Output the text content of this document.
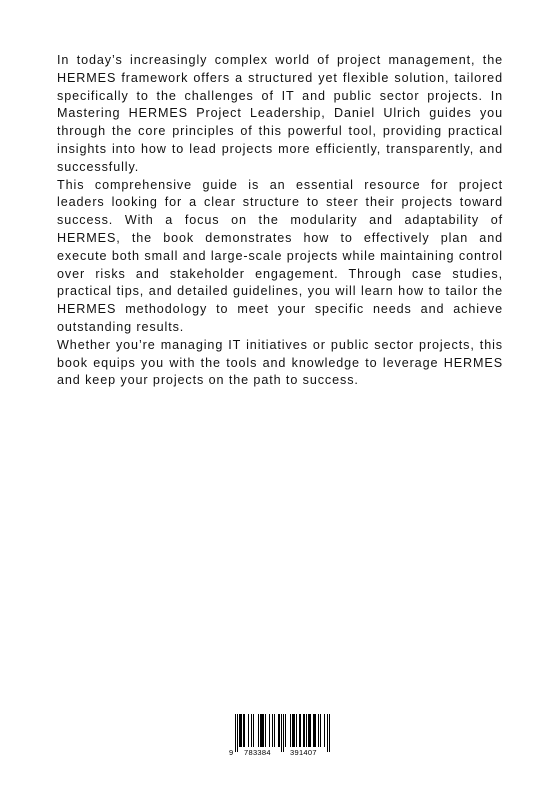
In today’s increasingly complex world of project management, the HERMES framework offers a structured yet flexible solution, tailored specifically to the challenges of IT and public sector projects. In Mastering HERMES Project Leadership, Daniel Ulrich guides you through the core principles of this powerful tool, providing practical insights into how to lead projects more efficiently, transparently, and successfully.

This comprehensive guide is an essential resource for project leaders looking for a clear structure to steer their projects toward success. With a focus on the modularity and adaptability of HERMES, the book demonstrates how to effectively plan and execute both small and large-scale projects while maintaining control over risks and stakeholder engagement. Through case studies, practical tips, and detailed guidelines, you will learn how to tailor the HERMES methodology to meet your specific needs and achieve outstanding results.

Whether you’re managing IT initiatives or public sector projects, this book equips you with the tools and knowledge to leverage HERMES and keep your projects on the path to success.

9 783384	391407
